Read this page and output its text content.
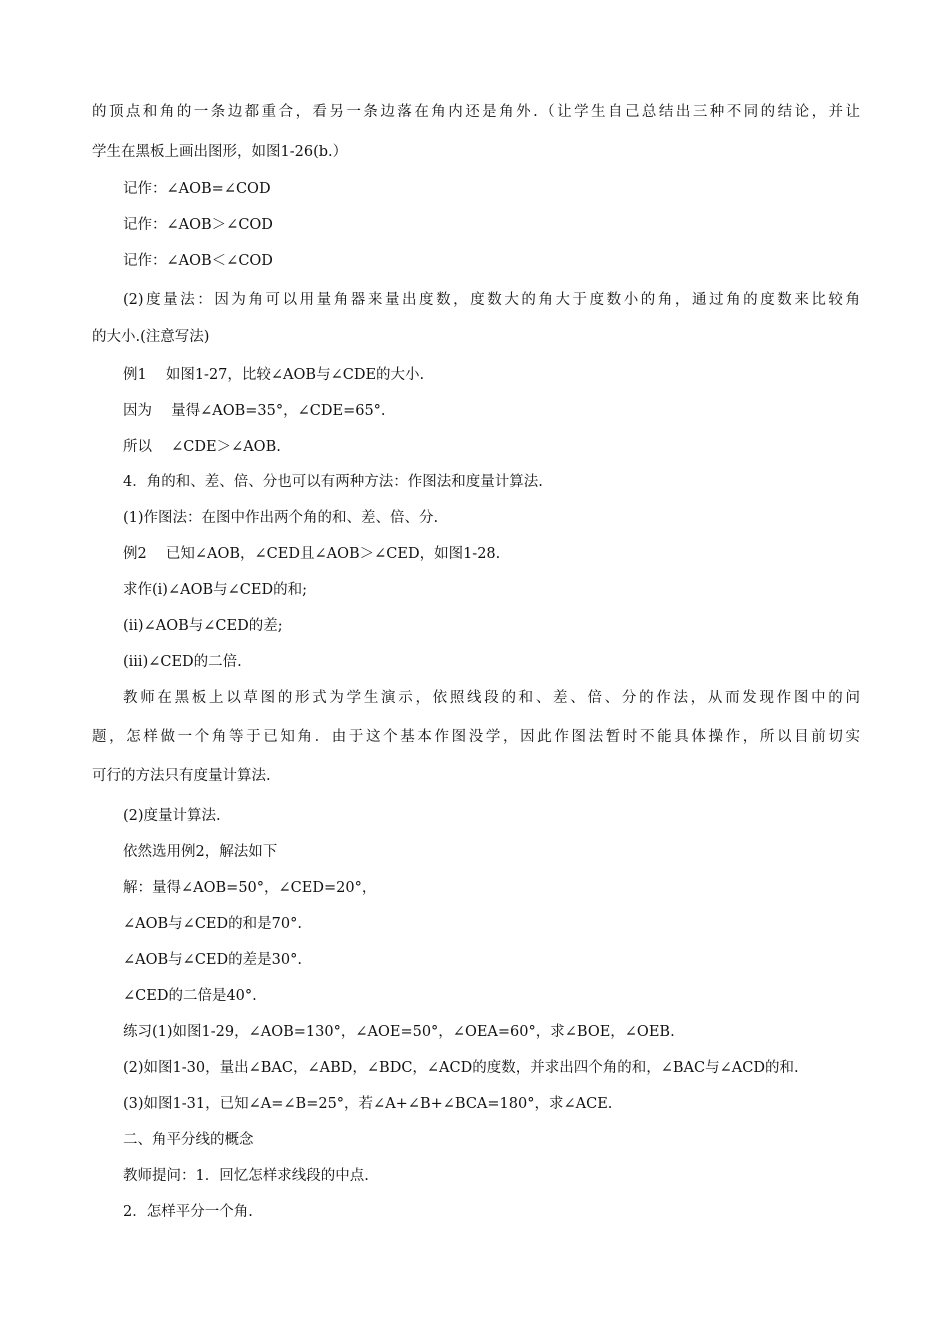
的顶点和角的一条边都重合，看另一条边落在角内还是角外.（让学生自己总结出三种不同的结论，并让
学生在黑板上画出图形，如图1-26(b.）
记作：∠AOB=∠COD
记作：∠AOB＞∠COD
记作：∠AOB＜∠COD
(2)度量法：因为角可以用量角器来量出度数，度数大的角大于度数小的角，通过角的度数来比较角
的大小.(注意写法)
例1　 如图1-27，比较∠AOB与∠CDE的大小.
因为　 量得∠AOB=35°，∠CDE=65°.
所以　 ∠CDE＞∠AOB.
4．角的和、差、倍、分也可以有两种方法：作图法和度量计算法.
(1)作图法：在图中作出两个角的和、差、倍、分.
例2　 已知∠AOB，∠CED且∠AOB＞∠CED，如图1-28.
求作(i)∠AOB与∠CED的和;
(ii)∠AOB与∠CED的差;
(iii)∠CED的二倍.
教师在黑板上以草图的形式为学生演示，依照线段的和、差、倍、分的作法，从而发现作图中的问
题，怎样做一个角等于已知角．由于这个基本作图没学，因此作图法暂时不能具体操作，所以目前切实
可行的方法只有度量计算法.
(2)度量计算法.
依然选用例2，解法如下
解：量得∠AOB=50°，∠CED=20°，
∠AOB与∠CED的和是70°.
∠AOB与∠CED的差是30°.
∠CED的二倍是40°.
练习(1)如图1-29，∠AOB=130°，∠AOE=50°，∠OEA=60°，求∠BOE，∠OEB.
(2)如图1-30，量出∠BAC，∠ABD，∠BDC，∠ACD的度数，并求出四个角的和，∠BAC与∠ACD的和.
(3)如图1-31，已知∠A=∠B=25°，若∠A+∠B+∠BCA=180°，求∠ACE.
二、角平分线的概念
教师提问：1．回忆怎样求线段的中点.
2．怎样平分一个角.
